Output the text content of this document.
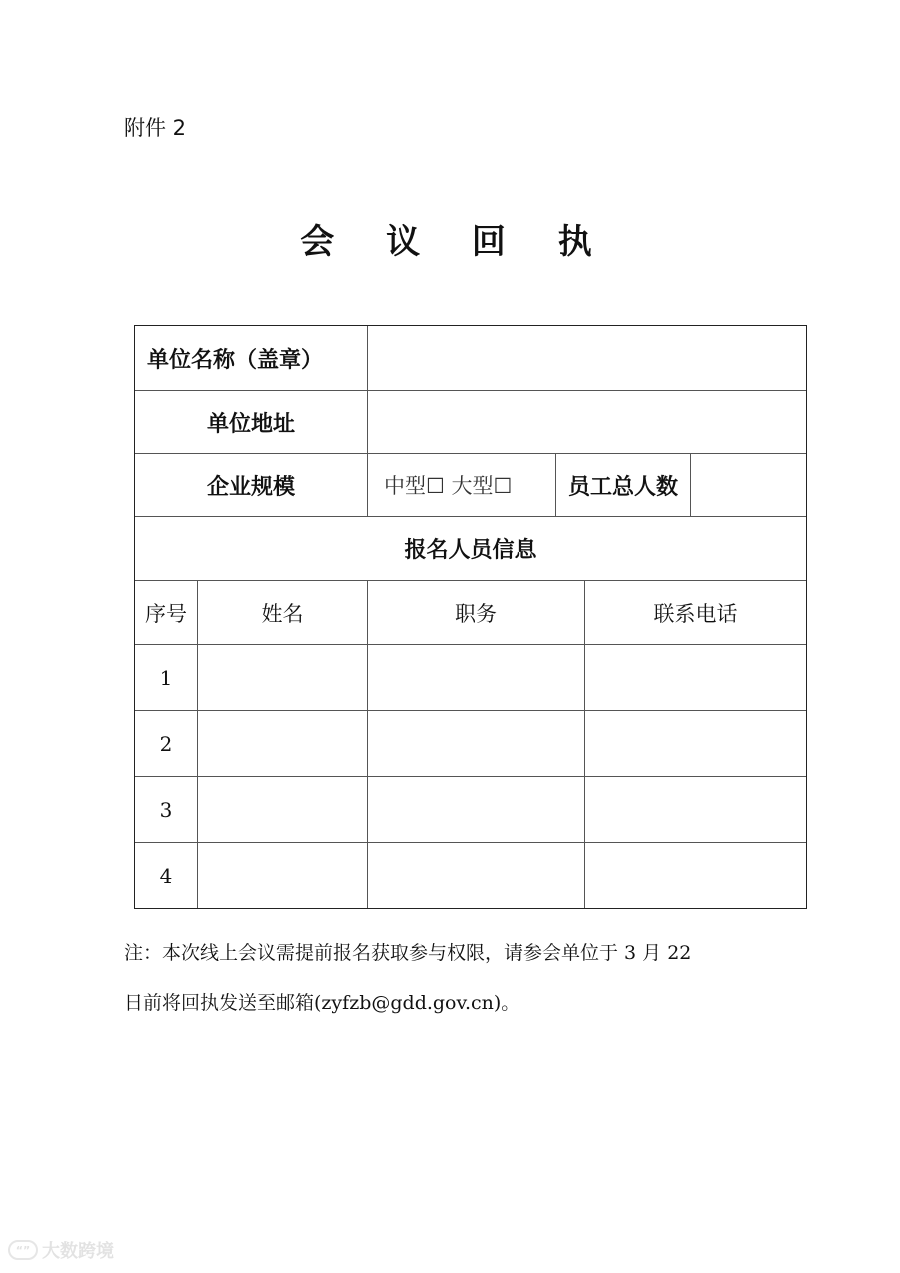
附件 2
会 议 回 执
单位名称（盖章）
单位地址
企业规模	中型☐ 大型☐	员工总人数
报名人员信息
序号	姓名	职务	联系电话
1
2
3
4
注：本次线上会议需提前报名获取参与权限，请参会单位于 3 月 22
日前将回执发送至邮箱(zyfzb@gdd.gov.cn)。
“” 大数跨境
